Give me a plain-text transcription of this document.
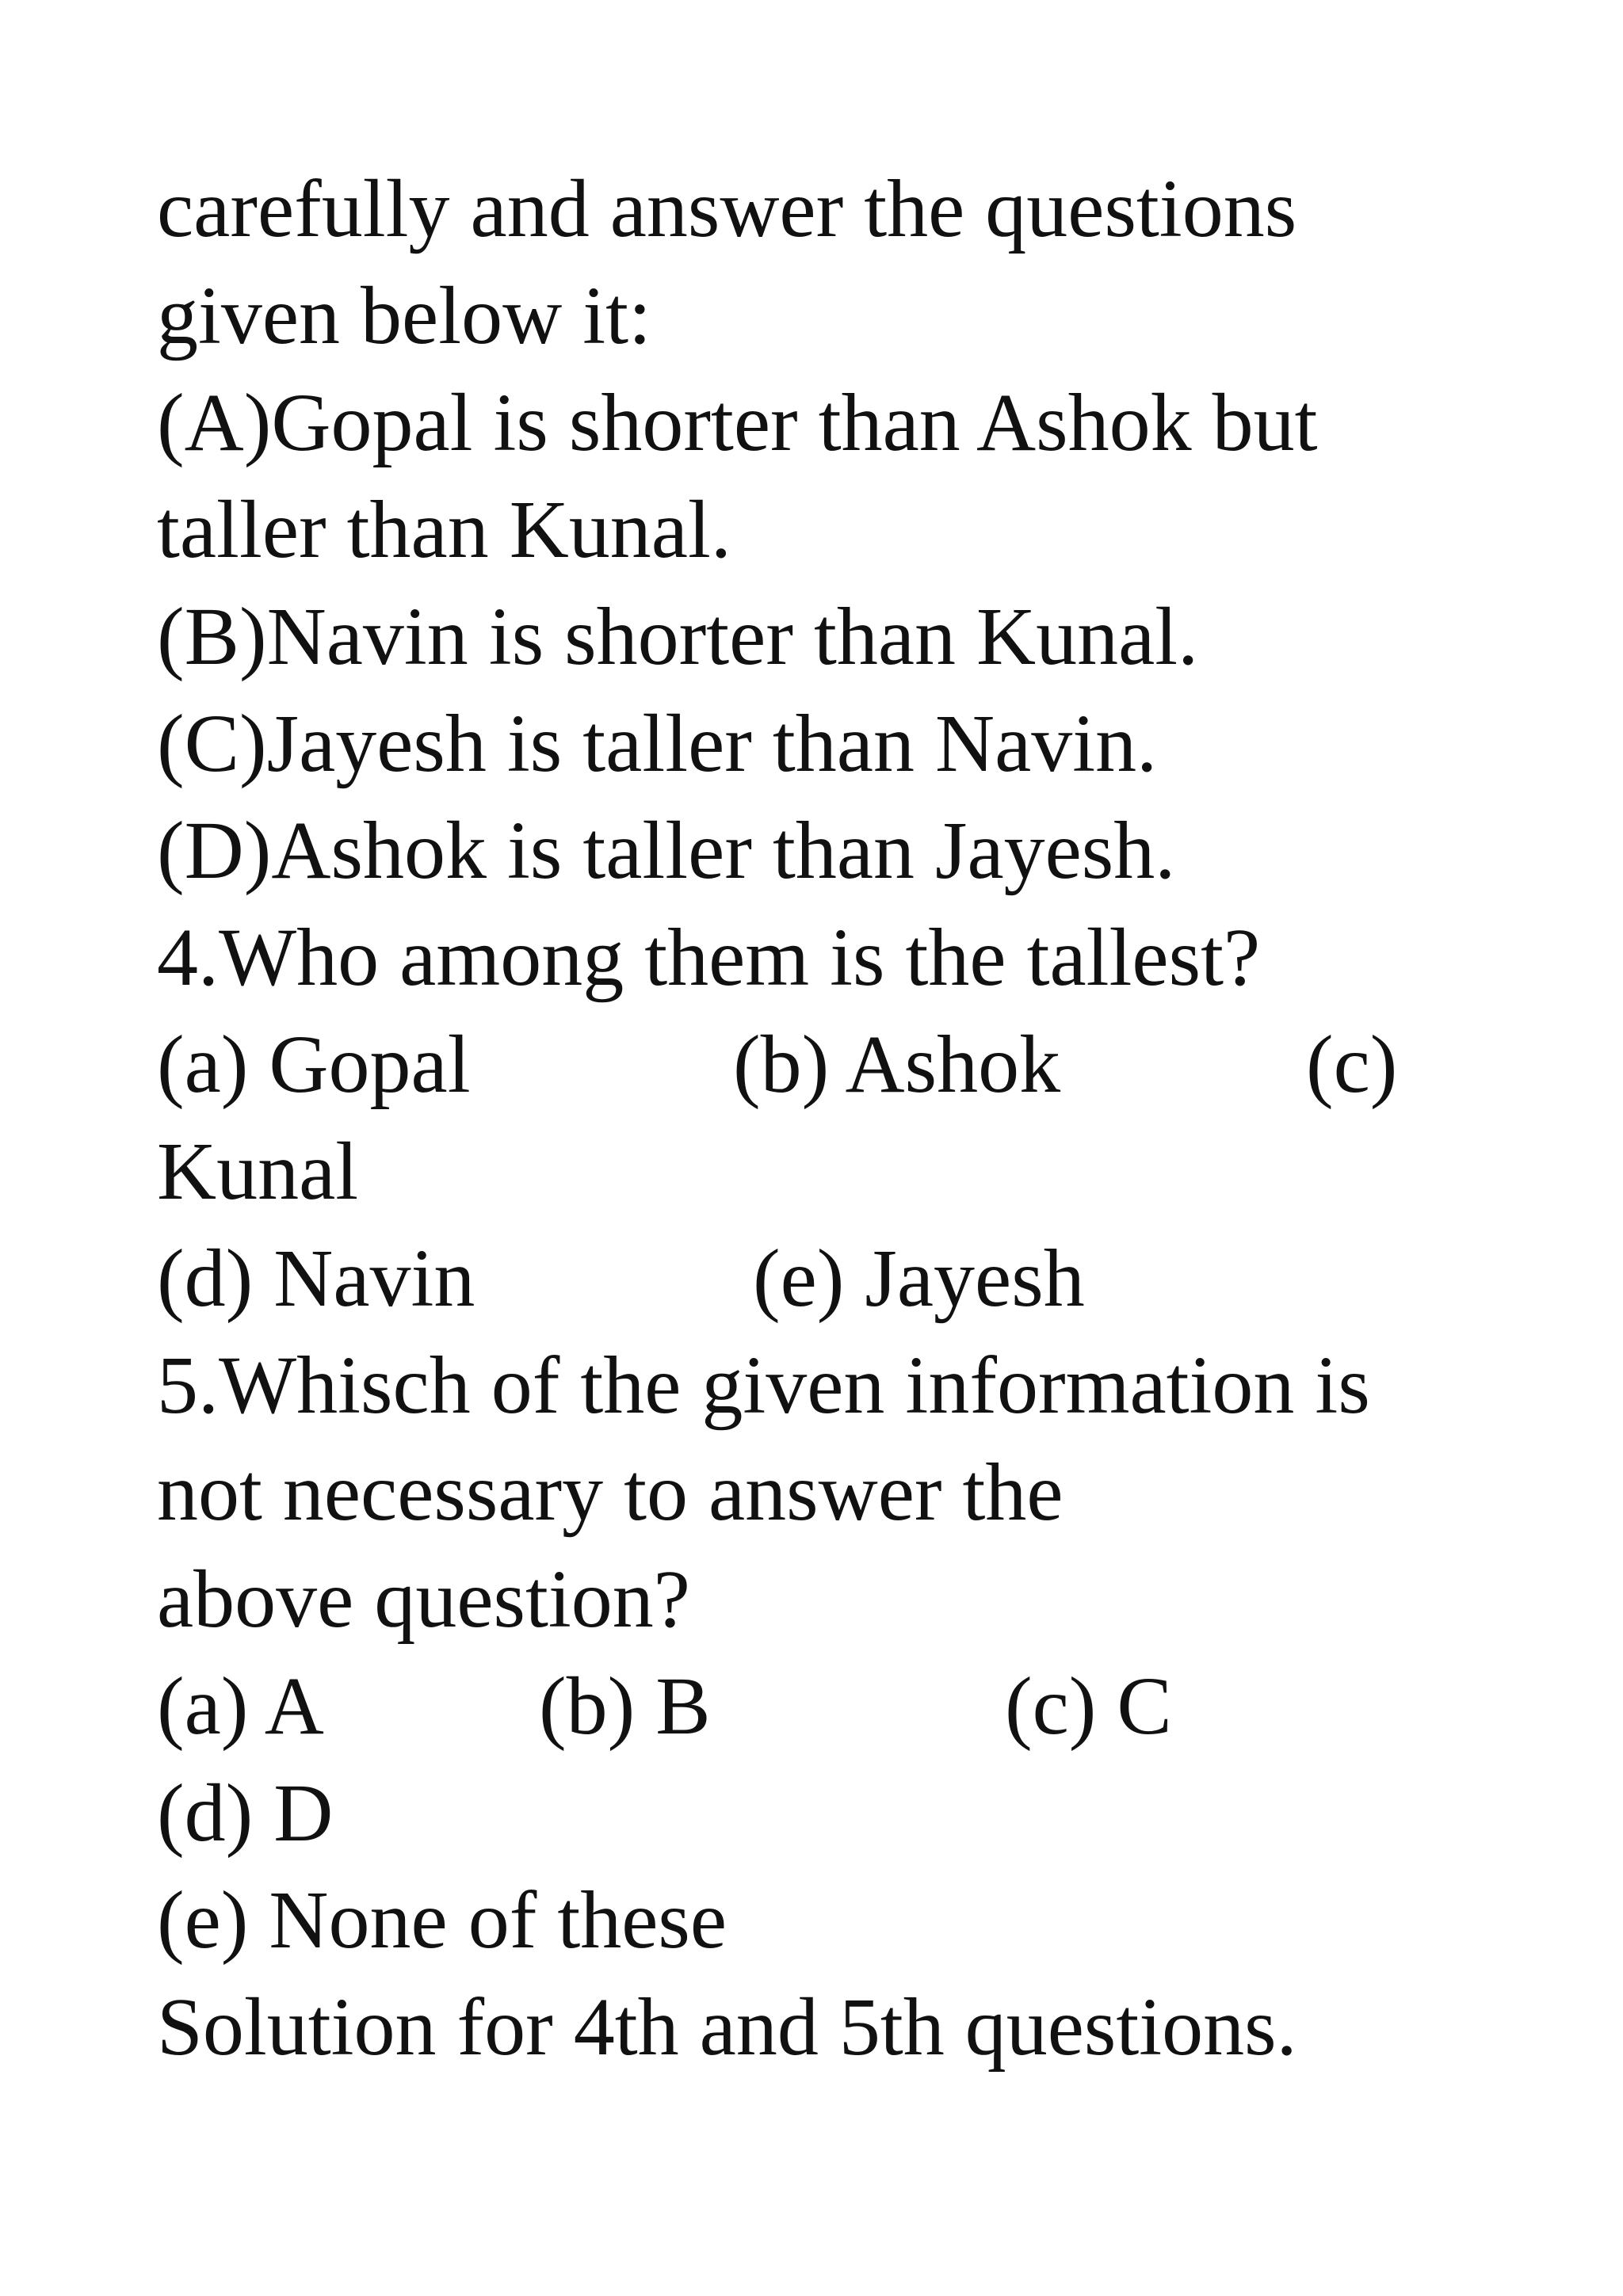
carefully and answer the questions
given below it:
(A)Gopal is shorter than Ashok but
taller than Kunal.
(B)Navin is shorter than Kunal.
(C)Jayesh is taller than Navin.
(D)Ashok is taller than Jayesh.
4.Who among them is the tallest?
(a) Gopal	(b) Ashok	(c)
Kunal
(d) Navin	(e) Jayesh
5.Whisch of the given information is
not necessary to answer the
above question?
(a) A	(b) B	(c) C
(d) D
(e) None of these
Solution for 4th and 5th questions.
